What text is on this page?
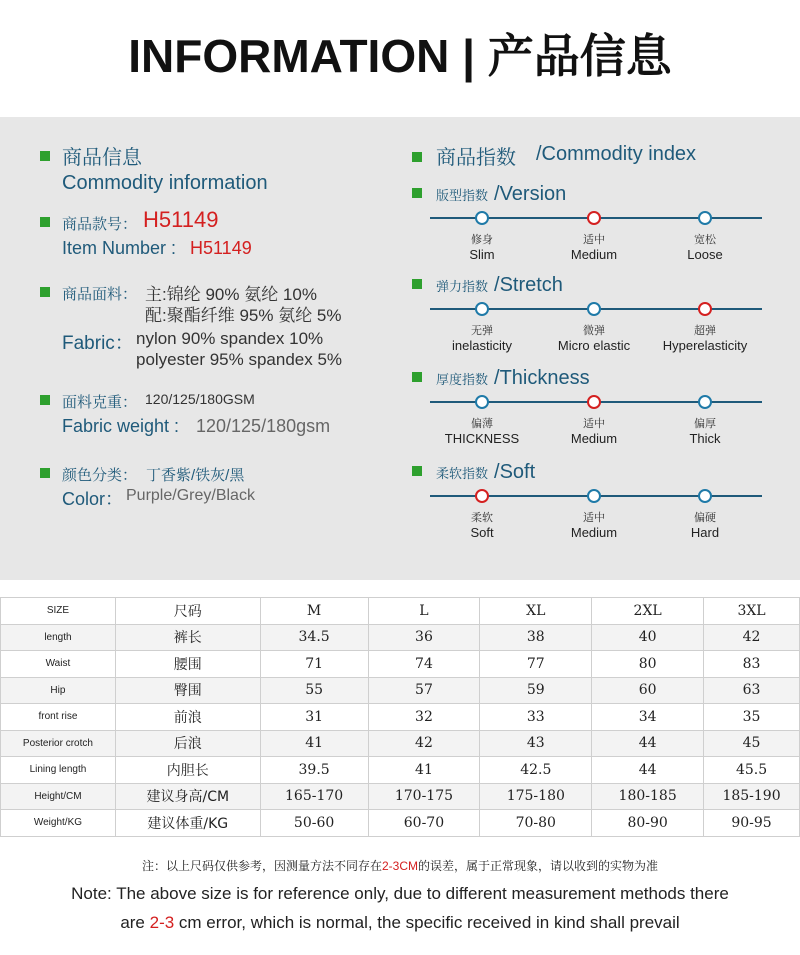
INFORMATION | 产品信息
商品信息
Commodity information
商品款号： H51149
Item Number : H51149
商品面料： 主:锦纶 90% 氨纶 10%
配:聚酯纤维 95% 氨纶 5%
Fabric： nylon 90% spandex 10%
polyester 95% spandex 5%
面料克重： 120/125/180GSM
Fabric weight : 120/125/180gsm
颜色分类： 丁香紫/铁灰/黑
Color： Purple/Grey/Black
商品指数 /Commodity index
版型指数 /Version
修身
Slim
适中
Medium
宽松
Loose
弹力指数 /Stretch
无弹
inelasticity
微弹
Micro elastic
超弹
Hyperelasticity
厚度指数 /Thickness
偏薄
THICKNESS
适中
Medium
偏厚
Thick
柔软指数 /Soft
柔软
Soft
适中
Medium
偏硬
Hard
SIZE	尺码	M	L	XL	2XL	3XL
length	裤长	34.5	36	38	40	42
Waist	腰围	71	74	77	80	83
Hip	臀围	55	57	59	60	63
front rise	前浪	31	32	33	34	35
Posterior crotch	后浪	41	42	43	44	45
Lining length	内胆长	39.5	41	42.5	44	45.5
Height/CM	建议身高/CM	165-170	170-175	175-180	180-185	185-190
Weight/KG	建议体重/KG	50-60	60-70	70-80	80-90	90-95
注：以上尺码仅供参考，因测量方法不同存在2-3CM的误差，属于正常现象，请以收到的实物为准
Note: The above size is for reference only, due to different measurement methods there
are 2-3 cm error, which is normal, the specific received in kind shall prevail
